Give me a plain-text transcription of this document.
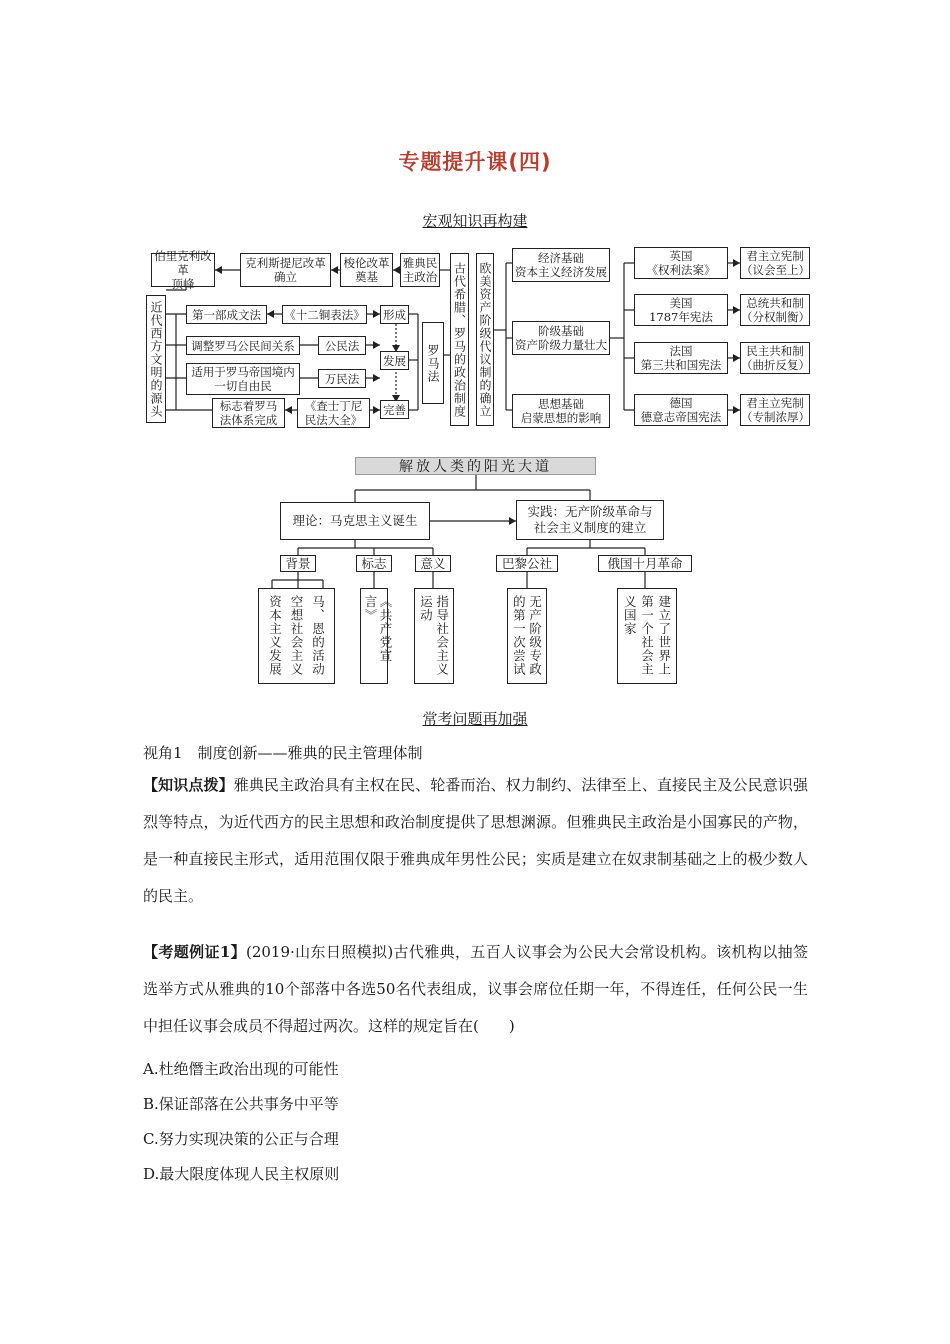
专题提升课(四)
宏观知识再构建
伯里克利改革
顶峰
克利斯提尼改革
确立
梭伦改革
奠基
雅典民
主政治 古代希腊、罗马的政治制度 欧美资产阶级代议制的确立
近代西方文明的源头	第一部成文法	《十二铜表法》 形成
罗马法
调整罗马公民间关系	公民法
发展
适用于罗马帝国境内
一切自由民
万民法
标志着罗马
法体系完成
《查士丁尼
民法大全》
完善
经济基础
资本主义经济发展
阶级基础
资产阶级力量壮大
思想基础
启蒙思想的影响
英国
《权利法案》
美国
1787年宪法
法国
第三共和国宪法
德国
德意志帝国宪法
君主立宪制
（议会至上）
总统共和制
（分权制衡）
民主共和制
（曲折反复）
君主立宪制
（专制浓厚）
解放人类的阳光大道
理论：马克思主义诞生
实践：无产阶级革命与
社会主义制度的建立
背景	标志	意义	巴黎公社	俄国十月革命
资本主义发展 空想社会主义 马、恩的活动	《共产党宣言》	指导社会主义
运动	无产阶级专政
的第一次尝试	建立了世界上
第一个社会主
义国家
常考问题再加强
视角1　制度创新——雅典的民主管理体制
【知识点拨】雅典民主政治具有主权在民、轮番而治、权力制约、法律至上、直接民主及公民意识强烈等特点，为近代西方的民主思想和政治制度提供了思想渊源。但雅典民主政治是小国寡民的产物，是一种直接民主形式，适用范围仅限于雅典成年男性公民；实质是建立在奴隶制基础之上的极少数人的民主。
【考题例证1】(2019·山东日照模拟)古代雅典，五百人议事会为公民大会常设机构。该机构以抽签选举方式从雅典的10个部落中各选50名代表组成，议事会席位任期一年，不得连任，任何公民一生中担任议事会成员不得超过两次。这样的规定旨在(　　)
A.杜绝僭主政治出现的可能性
B.保证部落在公共事务中平等
C.努力实现决策的公正与合理
D.最大限度体现人民主权原则
